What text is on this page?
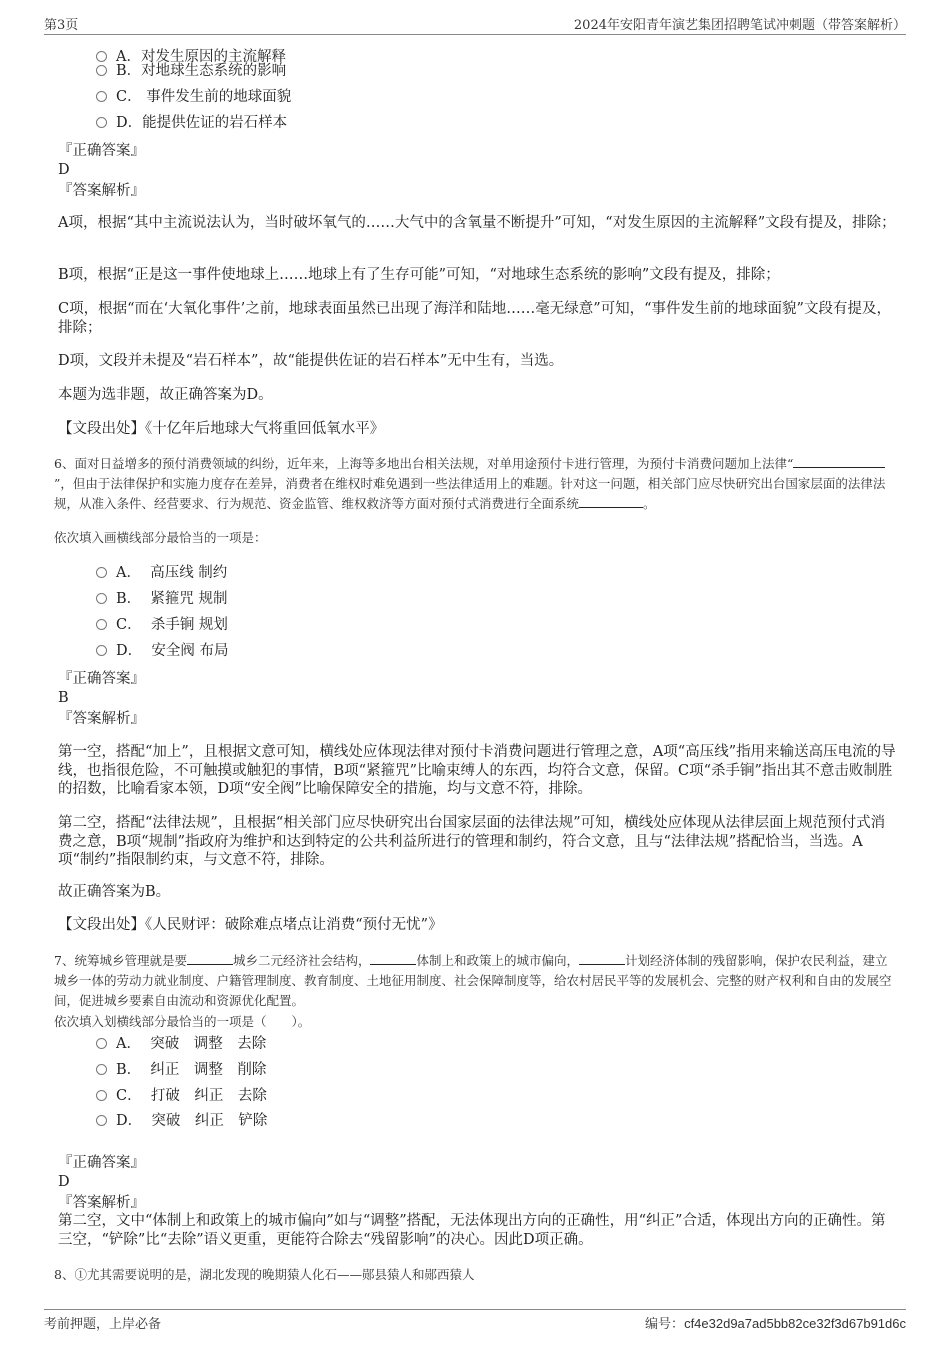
第3页	2024年安阳青年演艺集团招聘笔试冲刺题（带答案解析）
A．对发生原因的主流解释
B．对地球生态系统的影响
C． 事件发生前的地球面貌
D．能提供佐证的岩石样本
『正确答案』
D
『答案解析』
A项，根据“其中主流说法认为，当时破坏氧气的……大气中的含氧量不断提升”可知，“对发生原因的主流解释”文段有提及，排除；
B项，根据“正是这一事件使地球上……地球上有了生存可能”可知，“对地球生态系统的影响”文段有提及，排除；
C项，根据“而在‘大氧化事件’之前，地球表面虽然已出现了海洋和陆地……毫无绿意”可知，“事件发生前的地球面貌”文段有提及，排除；
D项，文段并未提及“岩石样本”，故“能提供佐证的岩石样本”无中生有，当选。
本题为选非题，故正确答案为D。
【文段出处】《十亿年后地球大气将重回低氧水平》
6、面对日益增多的预付消费领域的纠纷，近年来，上海等多地出台相关法规，对单用途预付卡进行管理，为预付卡消费问题加上法律“”，但由于法律保护和实施力度存在差异，消费者在维权时难免遇到一些法律适用上的难题。针对这一问题，相关部门应尽快研究出台国家层面的法律法规，从准入条件、经营要求、行为规范、资金监管、维权救济等方面对预付式消费进行全面系统	。
依次填入画横线部分最恰当的一项是：
A． 高压线 制约
B． 紧箍咒 规制
C． 杀手锏 规划
D． 安全阀 布局
『正确答案』
B
『答案解析』
第一空，搭配“加上”，且根据文意可知，横线处应体现法律对预付卡消费问题进行管理之意，A项“高压线”指用来输送高压电流的导线，也指很危险，不可触摸或触犯的事情，B项“紧箍咒”比喻束缚人的东西，均符合文意，保留。C项“杀手锏”指出其不意击败制胜的招数，比喻看家本领，D项“安全阀”比喻保障安全的措施，均与文意不符，排除。
第二空，搭配“法律法规”，且根据“相关部门应尽快研究出台国家层面的法律法规”可知，横线处应体现从法律层面上规范预付式消费之意，B项“规制”指政府为维护和达到特定的公共利益所进行的管理和制约，符合文意，且与“法律法规”搭配恰当，当选。A项“制约”指限制约束，与文意不符，排除。
故正确答案为B。
【文段出处】《人民财评：破除难点堵点让消费“预付无忧”》
7、统筹城乡管理就是要	城乡二元经济社会结构，	体制上和政策上的城市偏向，	计划经济体制的残留影响，保护农民利益，建立城乡一体的劳动力就业制度、户籍管理制度、教育制度、土地征用制度、社会保障制度等，给农村居民平等的发展机会、完整的财产权利和自由的发展空间，促进城乡要素自由流动和资源优化配置。
依次填入划横线部分最恰当的一项是（　　）。
A． 突破　调整　去除
B． 纠正　调整　削除
C． 打破　纠正　去除
D． 突破　纠正　铲除
『正确答案』
D
『答案解析』
第二空，文中“体制上和政策上的城市偏向”如与“调整”搭配，无法体现出方向的正确性，用“纠正”合适，体现出方向的正确性。第三空，“铲除”比“去除”语义更重，更能符合除去“残留影响”的决心。因此D项正确。
8、①尤其需要说明的是，湖北发现的晚期猿人化石——郧县猿人和郧西猿人
考前押题，上岸必备	编号：cf4e32d9a7ad5bb82ce32f3d67b91d6c
